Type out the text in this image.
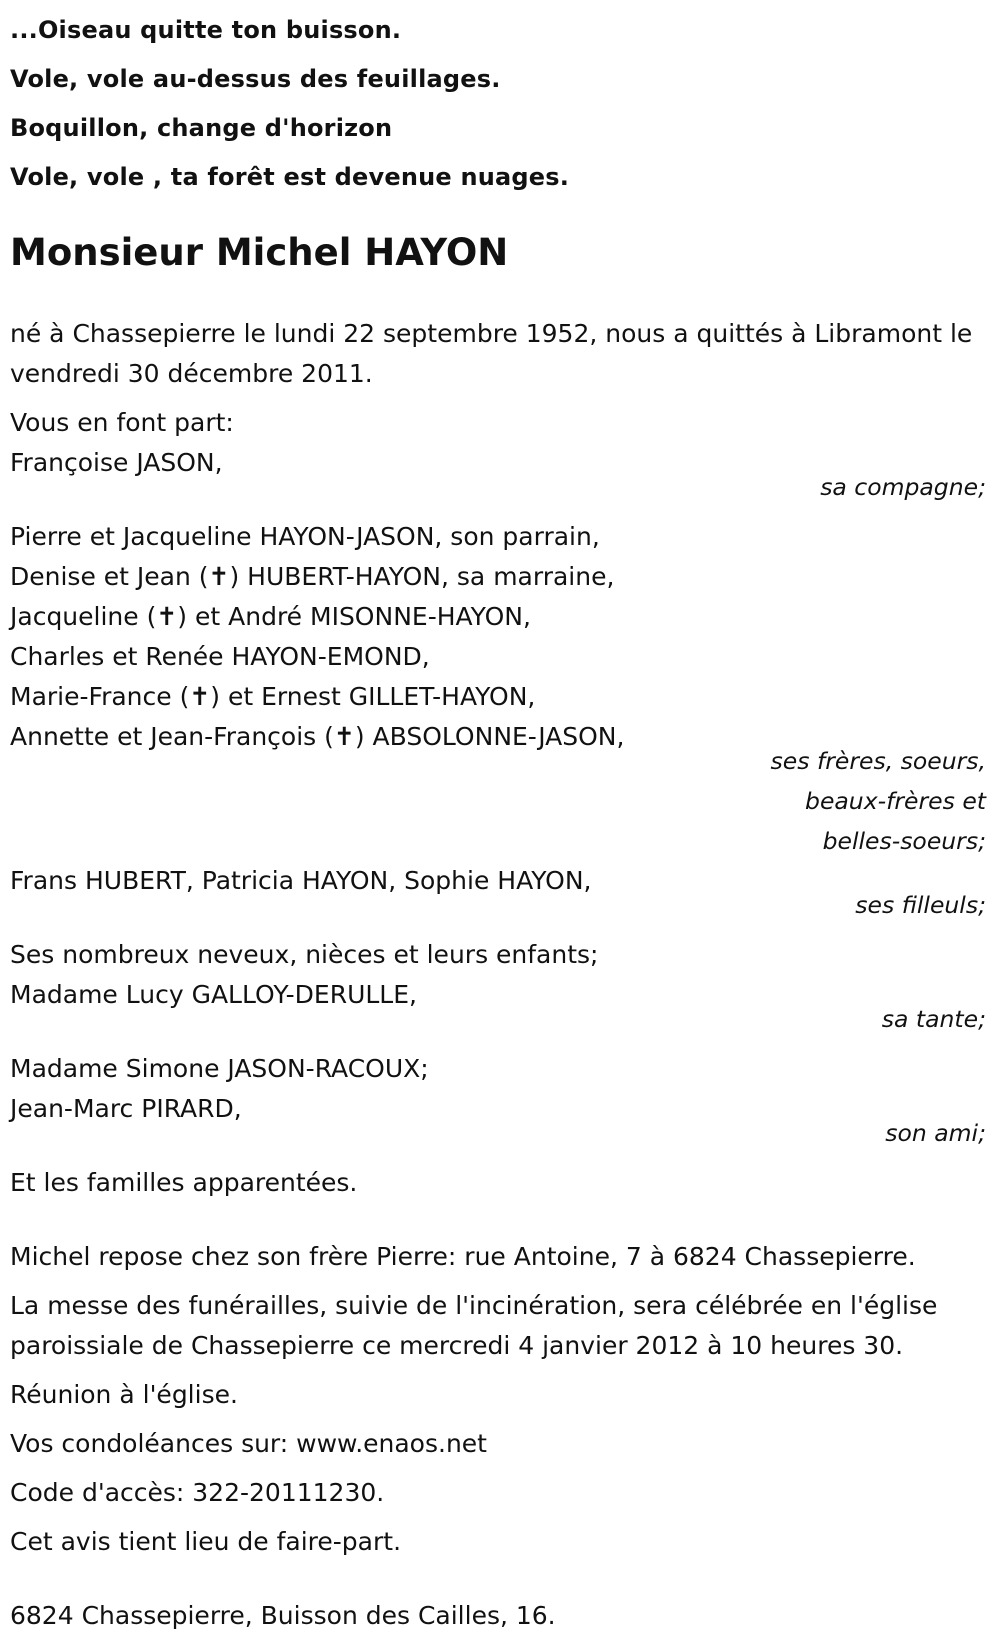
...Oiseau quitte ton buisson.
Vole, vole au-dessus des feuillages.
Boquillon, change d'horizon
Vole, vole , ta forêt est devenue nuages.
Monsieur Michel HAYON
né à Chassepierre le lundi 22 septembre 1952, nous a quittés à Libramont le vendredi 30 décembre 2011.
Vous en font part:
Françoise JASON,
sa compagne;
Pierre et Jacqueline HAYON-JASON, son parrain,
Denise et Jean (✝) HUBERT-HAYON, sa marraine,
Jacqueline (✝) et André MISONNE-HAYON,
Charles et Renée HAYON-EMOND,
Marie-France (✝) et Ernest GILLET-HAYON,
Annette et Jean-François (✝) ABSOLONNE-JASON,
ses frères, soeurs,
beaux-frères et
belles-soeurs;
Frans HUBERT, Patricia HAYON, Sophie HAYON,
ses filleuls;
Ses nombreux neveux, nièces et leurs enfants;
Madame Lucy GALLOY-DERULLE,
sa tante;
Madame Simone JASON-RACOUX;
Jean-Marc PIRARD,
son ami;
Et les familles apparentées.
Michel repose chez son frère Pierre: rue Antoine, 7 à 6824 Chassepierre.
La messe des funérailles, suivie de l'incinération, sera célébrée en l'église paroissiale de Chassepierre ce mercredi 4 janvier 2012 à 10 heures 30.
Réunion à l'église.
Vos condoléances sur: www.enaos.net
Code d'accès: 322-20111230.
Cet avis tient lieu de faire-part.
6824 Chassepierre, Buisson des Cailles, 16.
